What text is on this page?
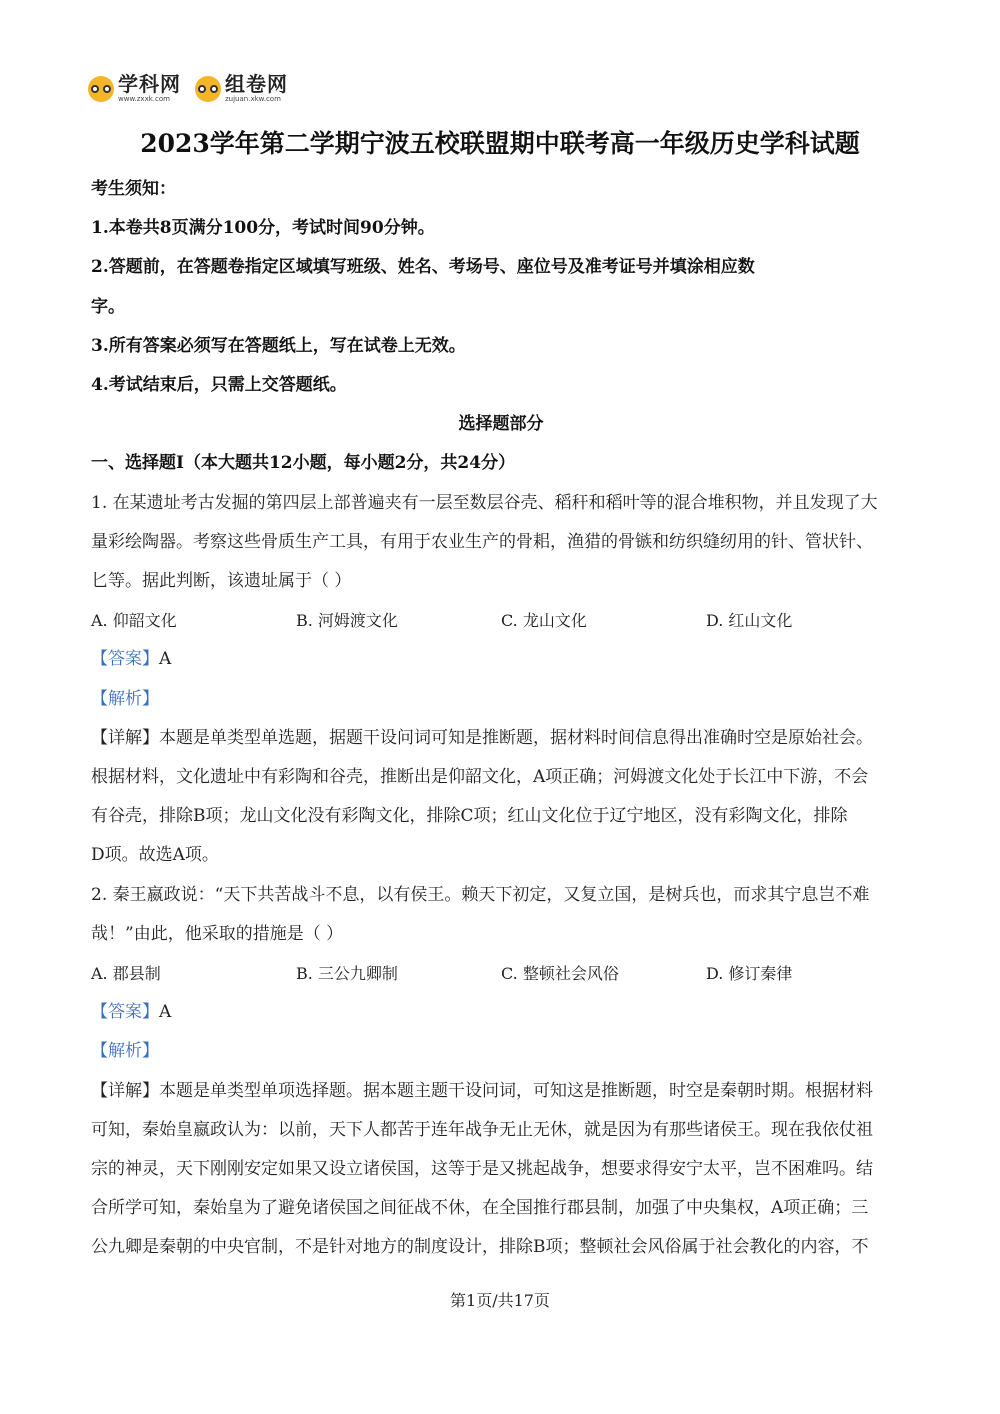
学科网
www.zxxk.com
组卷网
zujuan.xkw.com
2023学年第二学期宁波五校联盟期中联考高一年级历史学科试题
考生须知：
1.本卷共8页满分100分，考试时间90分钟。
2.答题前，在答题卷指定区域填写班级、姓名、考场号、座位号及准考证号并填涂相应数
字。
3.所有答案必须写在答题纸上，写在试卷上无效。
4.考试结束后，只需上交答题纸。
选择题部分
一、选择题Ⅰ（本大题共12小题，每小题2分，共24分）
1. 在某遗址考古发掘的第四层上部普遍夹有一层至数层谷壳、稻秆和稻叶等的混合堆积物，并且发现了大
量彩绘陶器。考察这些骨质生产工具，有用于农业生产的骨耜，渔猎的骨镞和纺织缝纫用的针、管状针、
匕等。据此判断，该遗址属于（ ）
A. 仰韶文化	B. 河姆渡文化	C. 龙山文化	D. 红山文化
【答案】A
【解析】
【详解】本题是单类型单选题，据题干设问词可知是推断题，据材料时间信息得出准确时空是原始社会。
根据材料，文化遗址中有彩陶和谷壳，推断出是仰韶文化，A项正确；河姆渡文化处于长江中下游，不会
有谷壳，排除B项；龙山文化没有彩陶文化，排除C项；红山文化位于辽宁地区，没有彩陶文化，排除
D项。故选A项。
2. 秦王嬴政说：“天下共苦战斗不息，以有侯王。赖天下初定，又复立国，是树兵也，而求其宁息岂不难
哉！”由此，他采取的措施是（ ）
A. 郡县制	B. 三公九卿制	C. 整顿社会风俗	D. 修订秦律
【答案】A
【解析】
【详解】本题是单类型单项选择题。据本题主题干设问词，可知这是推断题，时空是秦朝时期。根据材料
可知，秦始皇嬴政认为：以前，天下人都苦于连年战争无止无休，就是因为有那些诸侯王。现在我依仗祖
宗的神灵，天下刚刚安定如果又设立诸侯国，这等于是又挑起战争，想要求得安宁太平，岂不困难吗。结
合所学可知，秦始皇为了避免诸侯国之间征战不休，在全国推行郡县制，加强了中央集权，A项正确；三
公九卿是秦朝的中央官制，不是针对地方的制度设计，排除B项；整顿社会风俗属于社会教化的内容，不
第1页/共17页
